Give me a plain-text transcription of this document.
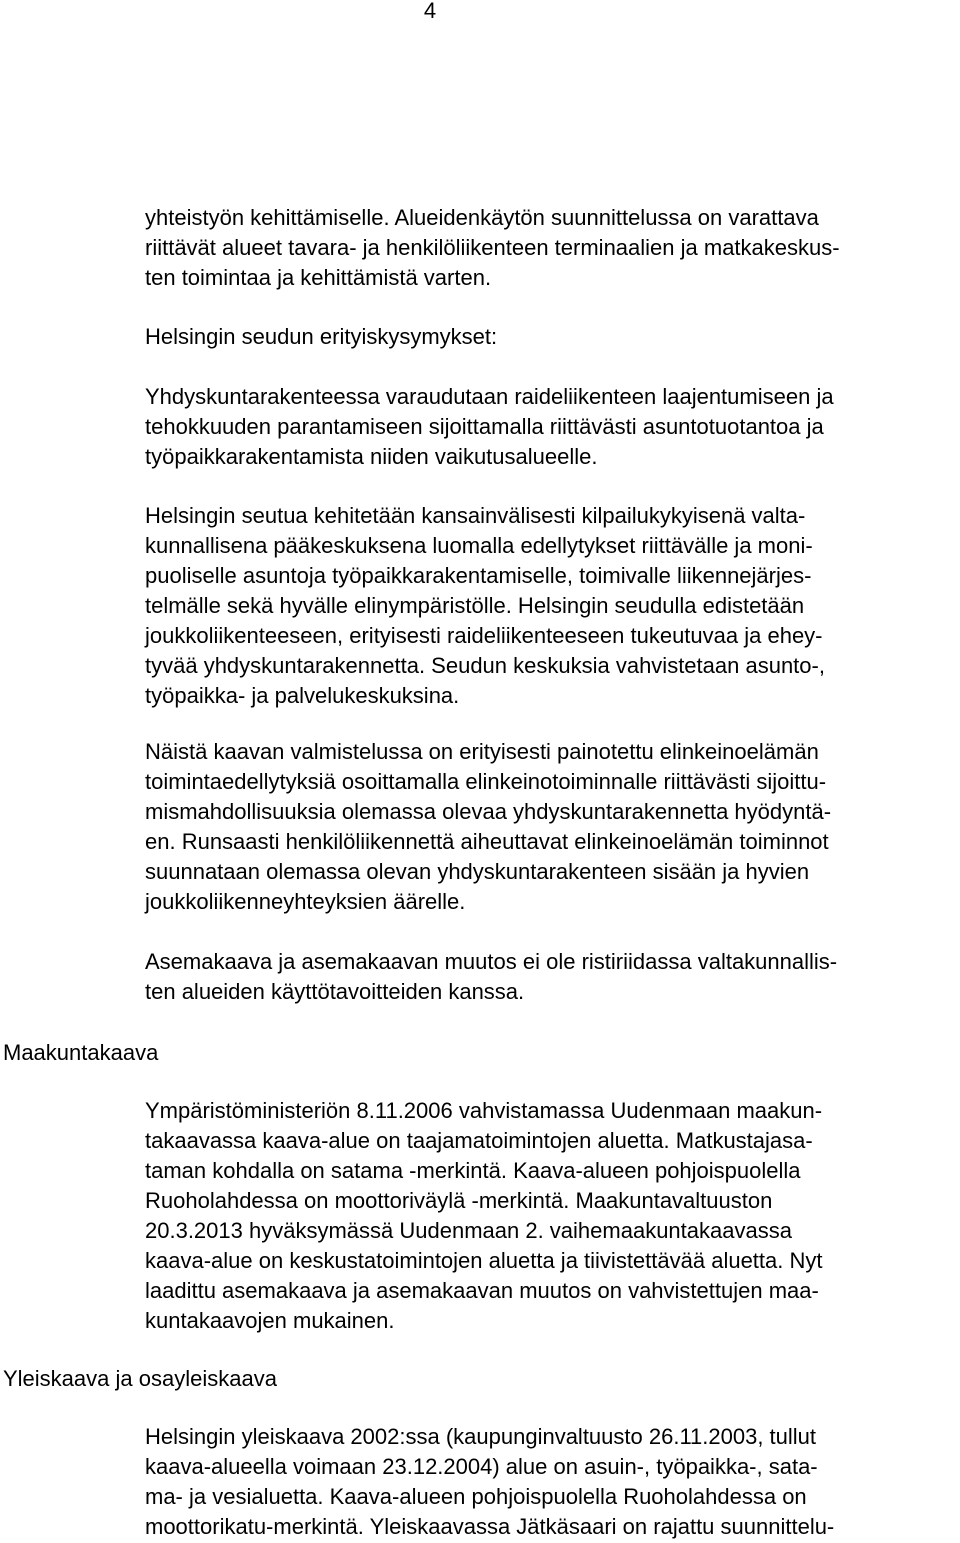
4
Maakuntakaava
Yleiskaava ja osayleiskaava
yhteistyön kehittämiselle. Alueidenkäytön suunnittelussa on varattava
riittävät alueet tavara- ja henkilöliikenteen terminaalien ja matkakeskus-
ten toimintaa ja kehittämistä varten.
Helsingin seudun erityiskysymykset:
Yhdyskuntarakenteessa varaudutaan raideliikenteen laajentumiseen ja
tehokkuuden parantamiseen sijoittamalla riittävästi asuntotuotantoa ja
työpaikkarakentamista niiden vaikutusalueelle.
Helsingin seutua kehitetään kansainvälisesti kilpailukykyisenä valta-
kunnallisena pääkeskuksena luomalla edellytykset riittävälle ja moni-
puoliselle asuntoja työpaikkarakentamiselle, toimivalle liikennejärjes-
telmälle sekä hyvälle elinympäristölle. Helsingin seudulla edistetään
joukkoliikenteeseen, erityisesti raideliikenteeseen tukeutuvaa ja ehey-
tyvää yhdyskuntarakennetta. Seudun keskuksia vahvistetaan asunto-,
työpaikka- ja palvelukeskuksina.
Näistä kaavan valmistelussa on erityisesti painotettu elinkeinoelämän
toimintaedellytyksiä osoittamalla elinkeinotoiminnalle riittävästi sijoittu-
mismahdollisuuksia olemassa olevaa yhdyskuntarakennetta hyödyntä-
en. Runsaasti henkilöliikennettä aiheuttavat elinkeinoelämän toiminnot
suunnataan olemassa olevan yhdyskuntarakenteen sisään ja hyvien
joukkoliikenneyhteyksien äärelle.
Asemakaava ja asemakaavan muutos ei ole ristiriidassa valtakunnallis-
ten alueiden käyttötavoitteiden kanssa.
Ympäristöministeriön 8.11.2006 vahvistamassa Uudenmaan maakun-
takaavassa kaava-alue on taajamatoimintojen aluetta. Matkustajasa-
taman kohdalla on satama -merkintä. Kaava-alueen pohjoispuolella
Ruoholahdessa on moottoriväylä -merkintä. Maakuntavaltuuston
20.3.2013 hyväksymässä Uudenmaan 2. vaihemaakuntakaavassa
kaava-alue on keskustatoimintojen aluetta ja tiivistettävää aluetta. Nyt
laadittu asemakaava ja asemakaavan muutos on vahvistettujen maa-
kuntakaavojen mukainen.
Helsingin yleiskaava 2002:ssa (kaupunginvaltuusto 26.11.2003, tullut
kaava-alueella voimaan 23.12.2004) alue on asuin-, työpaikka-, sata-
ma- ja vesialuetta. Kaava-alueen pohjoispuolella Ruoholahdessa on
moottorikatu-merkintä. Yleiskaavassa Jätkäsaari on rajattu suunnittelu-
